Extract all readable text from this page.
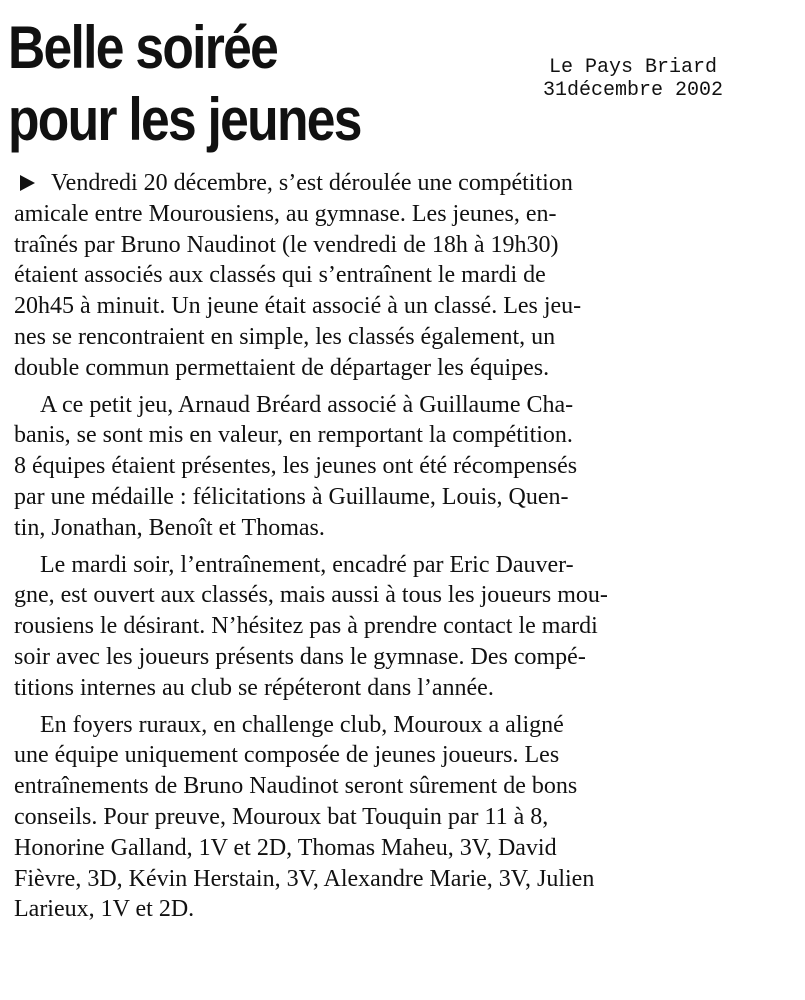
Belle soirée
pour les jeunes
Le Pays Briard
31décembre 2002

Vendredi 20 décembre, s’est déroulée une compétition
amicale entre Mourousiens, au gymnase. Les jeunes, en-
traînés par Bruno Naudinot (le vendredi de 18h à 19h30)
étaient associés aux classés qui s’entraînent le mardi de
20h45 à minuit. Un jeune était associé à un classé. Les jeu-
nes se rencontraient en simple, les classés également, un
double commun permettaient de départager les équipes.

A ce petit jeu, Arnaud Bréard associé à Guillaume Cha-
banis, se sont mis en valeur, en remportant la compétition.
8 équipes étaient présentes, les jeunes ont été récompensés
par une médaille : félicitations à Guillaume, Louis, Quen-
tin, Jonathan, Benoît et Thomas.

Le mardi soir, l’entraînement, encadré par Eric Dauver-
gne, est ouvert aux classés, mais aussi à tous les joueurs mou-
rousiens le désirant. N’hésitez pas à prendre contact le mardi
soir avec les joueurs présents dans le gymnase. Des compé-
titions internes au club se répéteront dans l’année.

En foyers ruraux, en challenge club, Mouroux a aligné
une équipe uniquement composée de jeunes joueurs. Les
entraînements de Bruno Naudinot seront sûrement de bons
conseils. Pour preuve, Mouroux bat Touquin par 11 à 8,
Honorine Galland, 1V et 2D, Thomas Maheu, 3V, David
Fièvre, 3D, Kévin Herstain, 3V, Alexandre Marie, 3V, Julien
Larieux, 1V et 2D.
